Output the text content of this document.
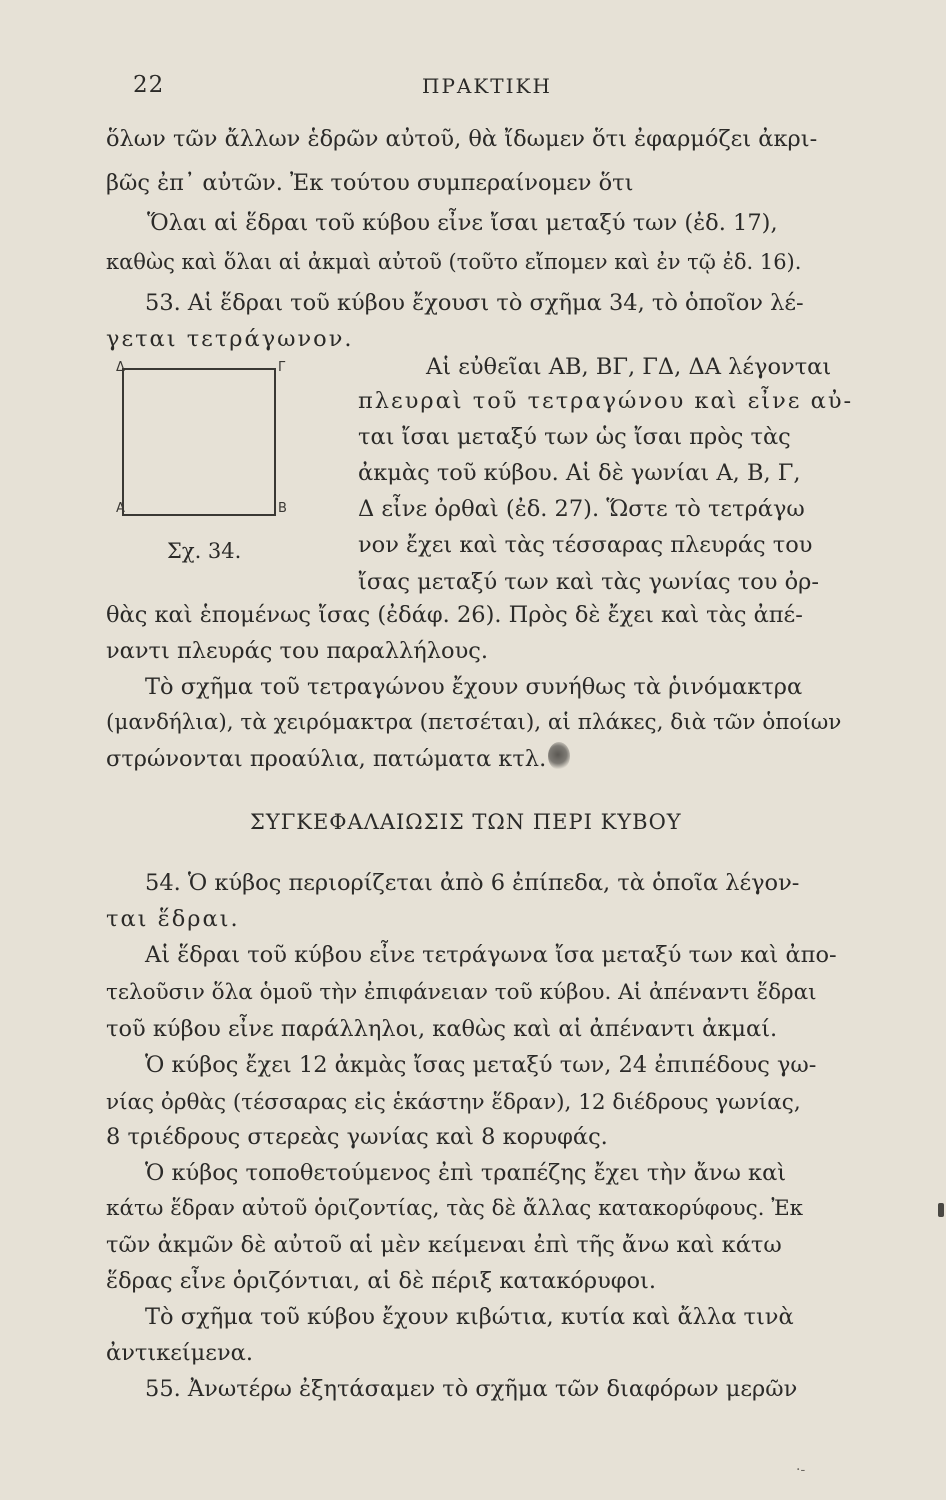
22	ΠΡΑΚΤΙΚΗ
ὅλων τῶν ἄλλων ἑδρῶν αὐτοῦ, θὰ ἴδωμεν ὅτι ἐφαρμόζει ἀκρι-
βῶς ἐπ᾽ αὐτῶν. Ἐκ τούτου συμπεραίνομεν ὅτι
Ὅλαι αἱ ἕδραι τοῦ κύβου εἶνε ἴσαι μεταξύ των (ἐδ. 17),
καθὼς καὶ ὅλαι αἱ ἀκμαὶ αὐτοῦ (τοῦτο εἴπομεν καὶ ἐν τῷ ἐδ. 16).
53. Αἱ ἕδραι τοῦ κύβου ἔχουσι τὸ σχῆμα 34, τὸ ὁποῖον λέ-
γεται τετράγωνον.
Δ	Γ
Α	Β
Σχ. 34.
Αἱ εὐθεῖαι ΑΒ, ΒΓ, ΓΔ, ΔΑ λέγονται
πλευραὶ τοῦ τετραγώνου καὶ εἶνε αὐ-
ται ἴσαι μεταξύ των ὡς ἴσαι πρὸς τὰς
ἀκμὰς τοῦ κύβου. Αἱ δὲ γωνίαι Α, Β, Γ,
Δ εἶνε ὀρθαὶ (ἐδ. 27). Ὥστε τὸ τετράγω
νον ἔχει καὶ τὰς τέσσαρας πλευράς του
ἴσας μεταξύ των καὶ τὰς γωνίας του ὀρ-
θὰς καὶ ἑπομένως ἴσας (ἐδάφ. 26). Πρὸς δὲ ἔχει καὶ τὰς ἀπέ-
ναντι πλευράς του παραλλήλους.
Τὸ σχῆμα τοῦ τετραγώνου ἔχουν συνήθως τὰ ῥινόμακτρα
(μανδήλια), τὰ χειρόμακτρα (πετσέται), αἱ πλάκες, διὰ τῶν ὁποίων
στρώνονται προαύλια, πατώματα κτλ.
ΣΥΓΚΕΦΑΛΑΙΩΣΙΣ ΤΩΝ ΠΕΡΙ ΚΥΒΟΥ
54. Ὁ κύβος περιορίζεται ἀπὸ 6 ἐπίπεδα, τὰ ὁποῖα λέγον-
ται ἕδραι.
Αἱ ἕδραι τοῦ κύβου εἶνε τετράγωνα ἴσα μεταξύ των καὶ ἀπο-
τελοῦσιν ὅλα ὁμοῦ τὴν ἐπιφάνειαν τοῦ κύβου. Αἱ ἀπέναντι ἕδραι
τοῦ κύβου εἶνε παράλληλοι, καθὼς καὶ αἱ ἀπέναντι ἀκμαί.
Ὁ κύβος ἔχει 12 ἀκμὰς ἴσας μεταξύ των, 24 ἐπιπέδους γω-
νίας ὀρθὰς (τέσσαρας εἰς ἑκάστην ἕδραν), 12 διέδρους γωνίας,
8 τριέδρους στερεὰς γωνίας καὶ 8 κορυφάς.
Ὁ κύβος τοποθετούμενος ἐπὶ τραπέζης ἔχει τὴν ἄνω καὶ
κάτω ἕδραν αὐτοῦ ὁριζοντίας, τὰς δὲ ἄλλας κατακορύφους. Ἐκ
τῶν ἀκμῶν δὲ αὐτοῦ αἱ μὲν κείμεναι ἐπὶ τῆς ἄνω καὶ κάτω
ἕδρας εἶνε ὁριζόντιαι, αἱ δὲ πέριξ κατακόρυφοι.
Τὸ σχῆμα τοῦ κύβου ἔχουν κιβώτια, κυτία καὶ ἄλλα τινὰ
ἀντικείμενα.
55. Ἀνωτέρω ἐξητάσαμεν τὸ σχῆμα τῶν διαφόρων μερῶν
·‐
